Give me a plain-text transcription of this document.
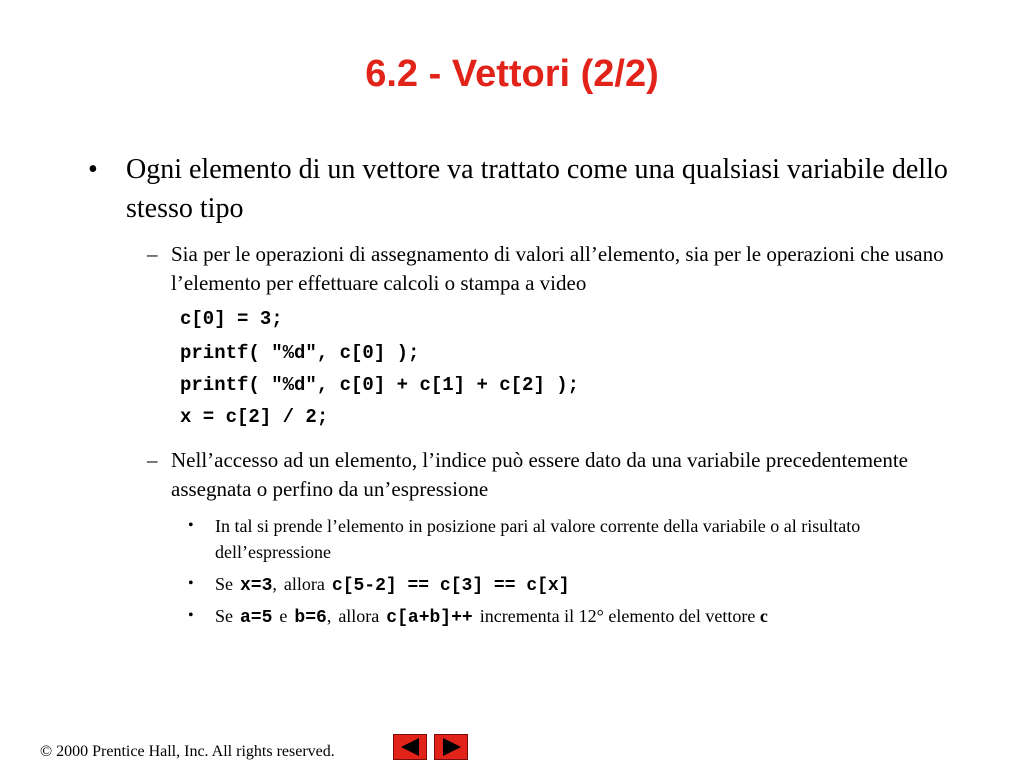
6.2 - Vettori (2/2)
• Ogni elemento di un vettore va trattato come una qualsiasi variabile dello stesso tipo
– Sia per le operazioni di assegnamento di valori all’elemento, sia per le operazioni che usano l’elemento per effettuare calcoli o stampa a video
c[0] = 3;
printf( "%d", c[0] );
printf( "%d", c[0] + c[1] + c[2] );
x = c[2] / 2;
– Nell’accesso ad un elemento, l’indice può essere dato da una variabile precedentemente assegnata o perfino da un’espressione
• In tal si prende l’elemento in posizione pari al valore corrente della variabile o al risultato dell’espressione
• Se x=3, allora c[5-2] == c[3] == c[x]
• Se a=5 e b=6, allora c[a+b]++ incrementa il 12° elemento del vettore c
© 2000 Prentice Hall, Inc. All rights reserved.
